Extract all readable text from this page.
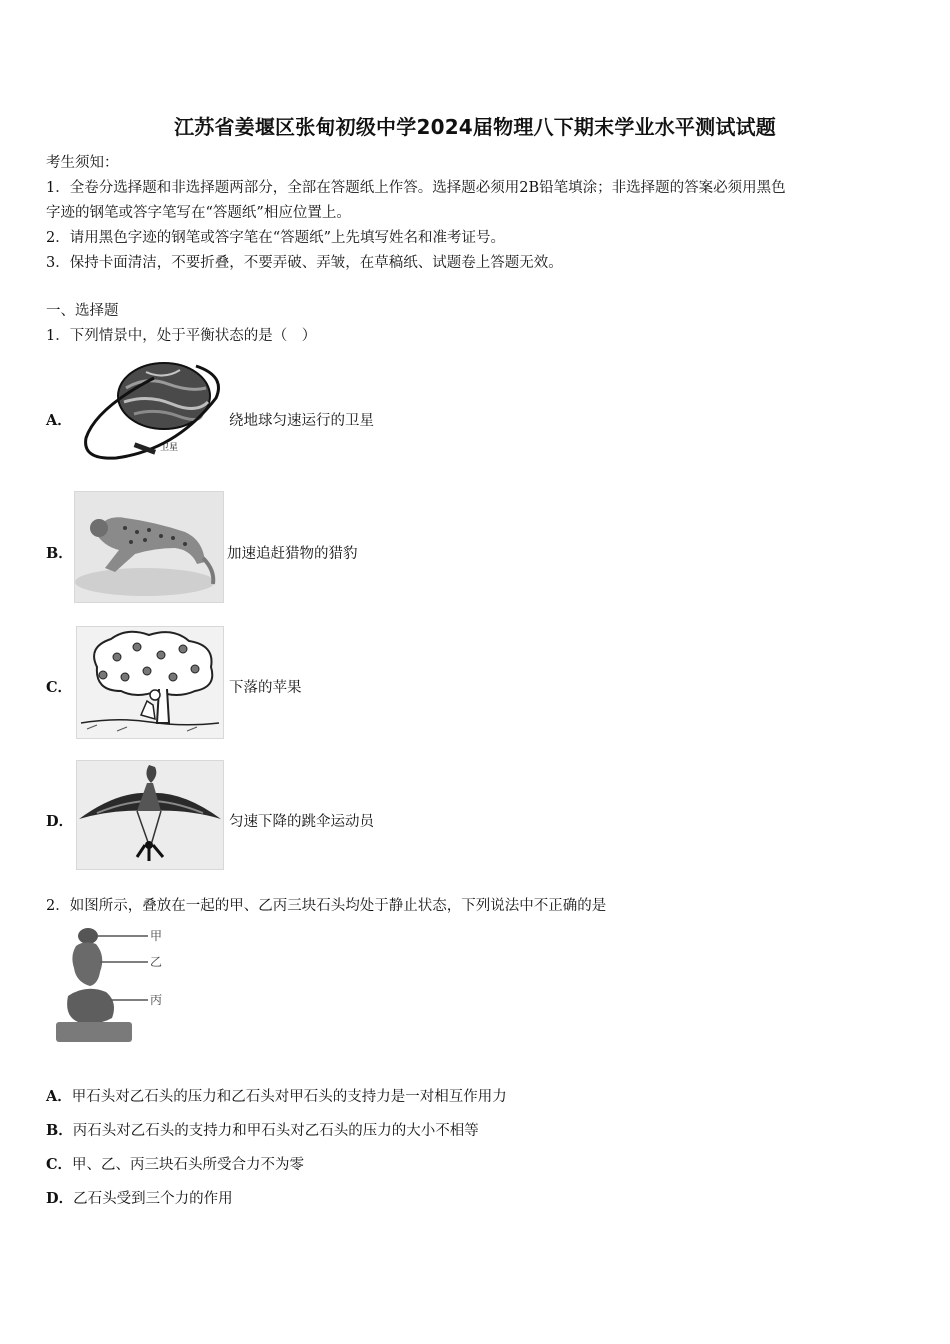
江苏省姜堰区张甸初级中学2024届物理八下期末学业水平测试试题
考生须知：
1．全卷分选择题和非选择题两部分，全部在答题纸上作答。选择题必须用2B铅笔填涂；非选择题的答案必须用黑色
字迹的钢笔或答字笔写在“答题纸”相应位置上。
2．请用黑色字迹的钢笔或答字笔在“答题纸”上先填写姓名和准考证号。
3．保持卡面清洁，不要折叠，不要弄破、弄皱，在草稿纸、试题卷上答题无效。
一、选择题
1．下列情景中，处于平衡状态的是（　）
A．
卫星
绕地球匀速运行的卫星
B．	加速追赶猎物的猎豹
C．	下落的苹果
D．	匀速下降的跳伞运动员
2．如图所示，叠放在一起的甲、乙丙三块石头均处于静止状态，下列说法中不正确的是
甲
乙
丙
A．甲石头对乙石头的压力和乙石头对甲石头的支持力是一对相互作用力
B．丙石头对乙石头的支持力和甲石头对乙石头的压力的大小不相等
C．甲、乙、丙三块石头所受合力不为零
D．乙石头受到三个力的作用
